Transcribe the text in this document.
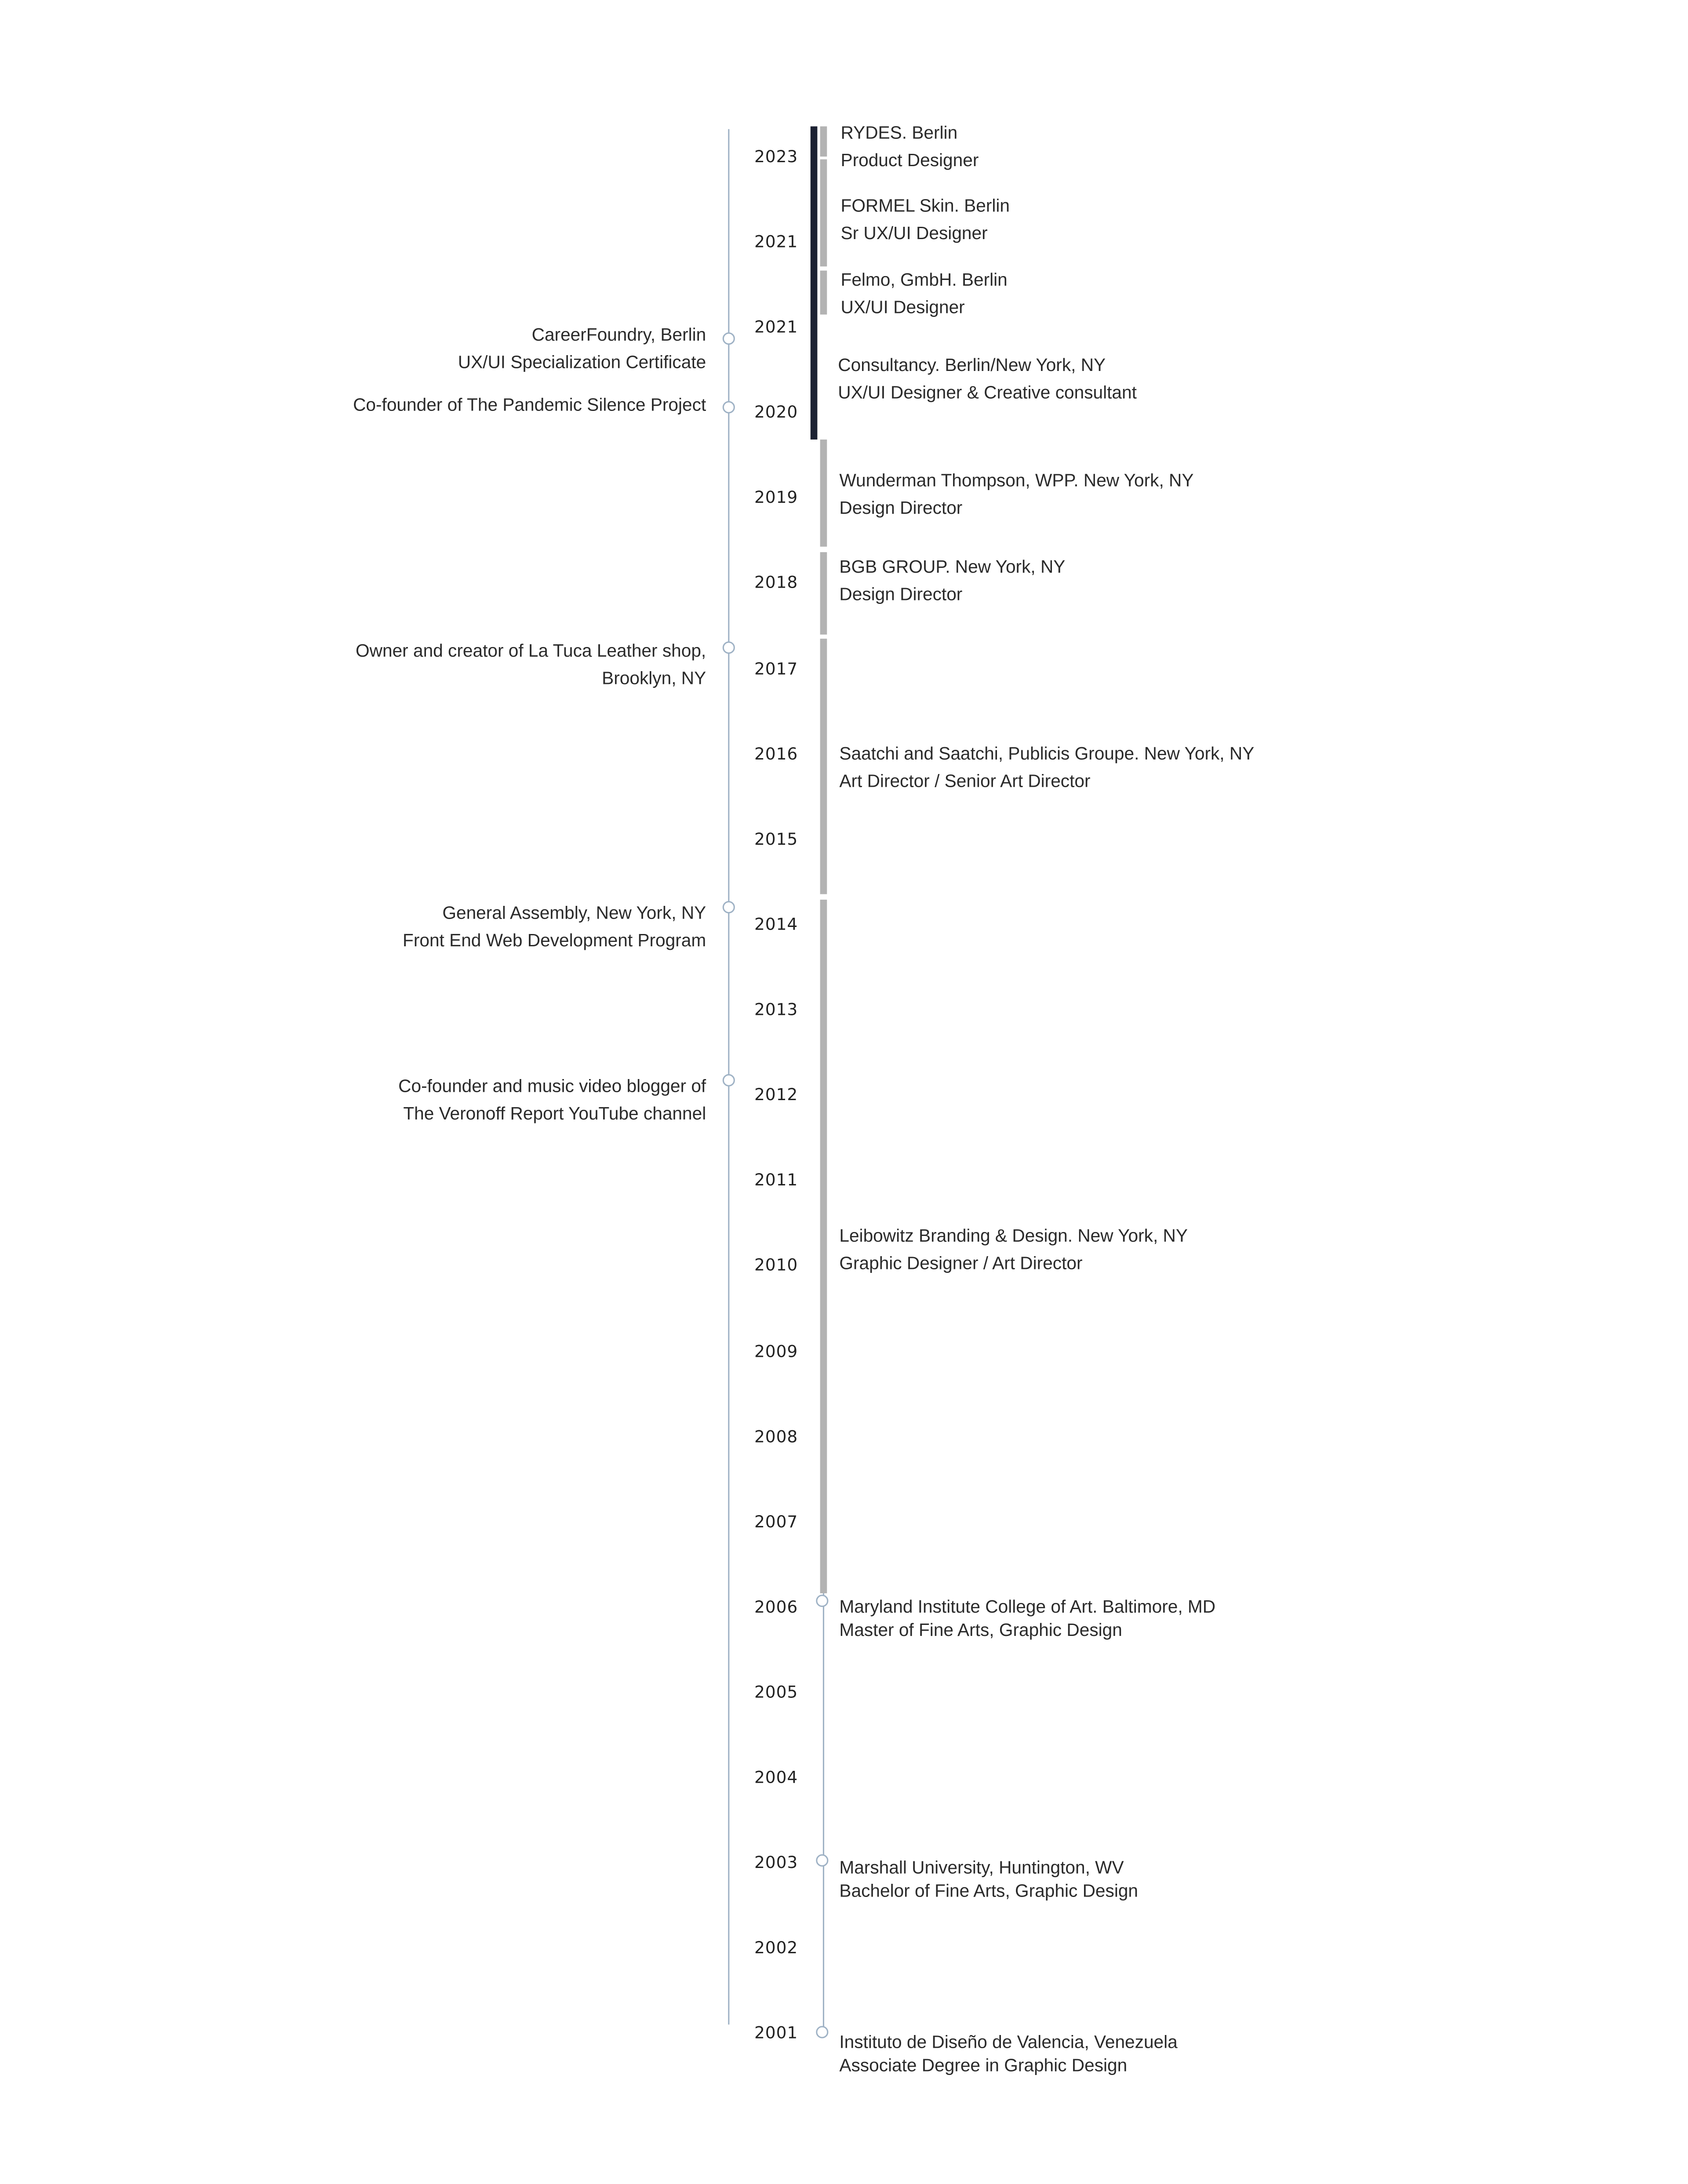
2023
2021
2021
2020
2019
2018
2017
2016
2015
2014
2013
2012
2011
2010
2009
2008
2007
2006
2005
2004
2003
2002
2001
CareerFoundry, Berlin
UX/UI Specialization Certificate
Co-founder of The Pandemic Silence Project
Owner and creator of La Tuca Leather shop,
Brooklyn, NY
General Assembly, New York, NY
Front End Web Development Program
Co-founder and music video blogger of
The Veronoff Report YouTube channel
RYDES. Berlin
Product Designer
FORMEL Skin. Berlin
Sr UX/UI Designer
Felmo, GmbH. Berlin
UX/UI Designer
Consultancy. Berlin/New York, NY
UX/UI Designer & Creative consultant
Wunderman Thompson, WPP. New York, NY
Design Director
BGB GROUP. New York, NY
Design Director
Saatchi and Saatchi, Publicis Groupe. New York, NY
Art Director / Senior Art Director
Leibowitz Branding & Design. New York, NY
Graphic Designer / Art Director
Maryland Institute College of Art. Baltimore, MD
Master of Fine Arts, Graphic Design
Marshall University, Huntington, WV
Bachelor of Fine Arts, Graphic Design
Instituto de Diseño de Valencia, Venezuela
Associate Degree in Graphic Design
